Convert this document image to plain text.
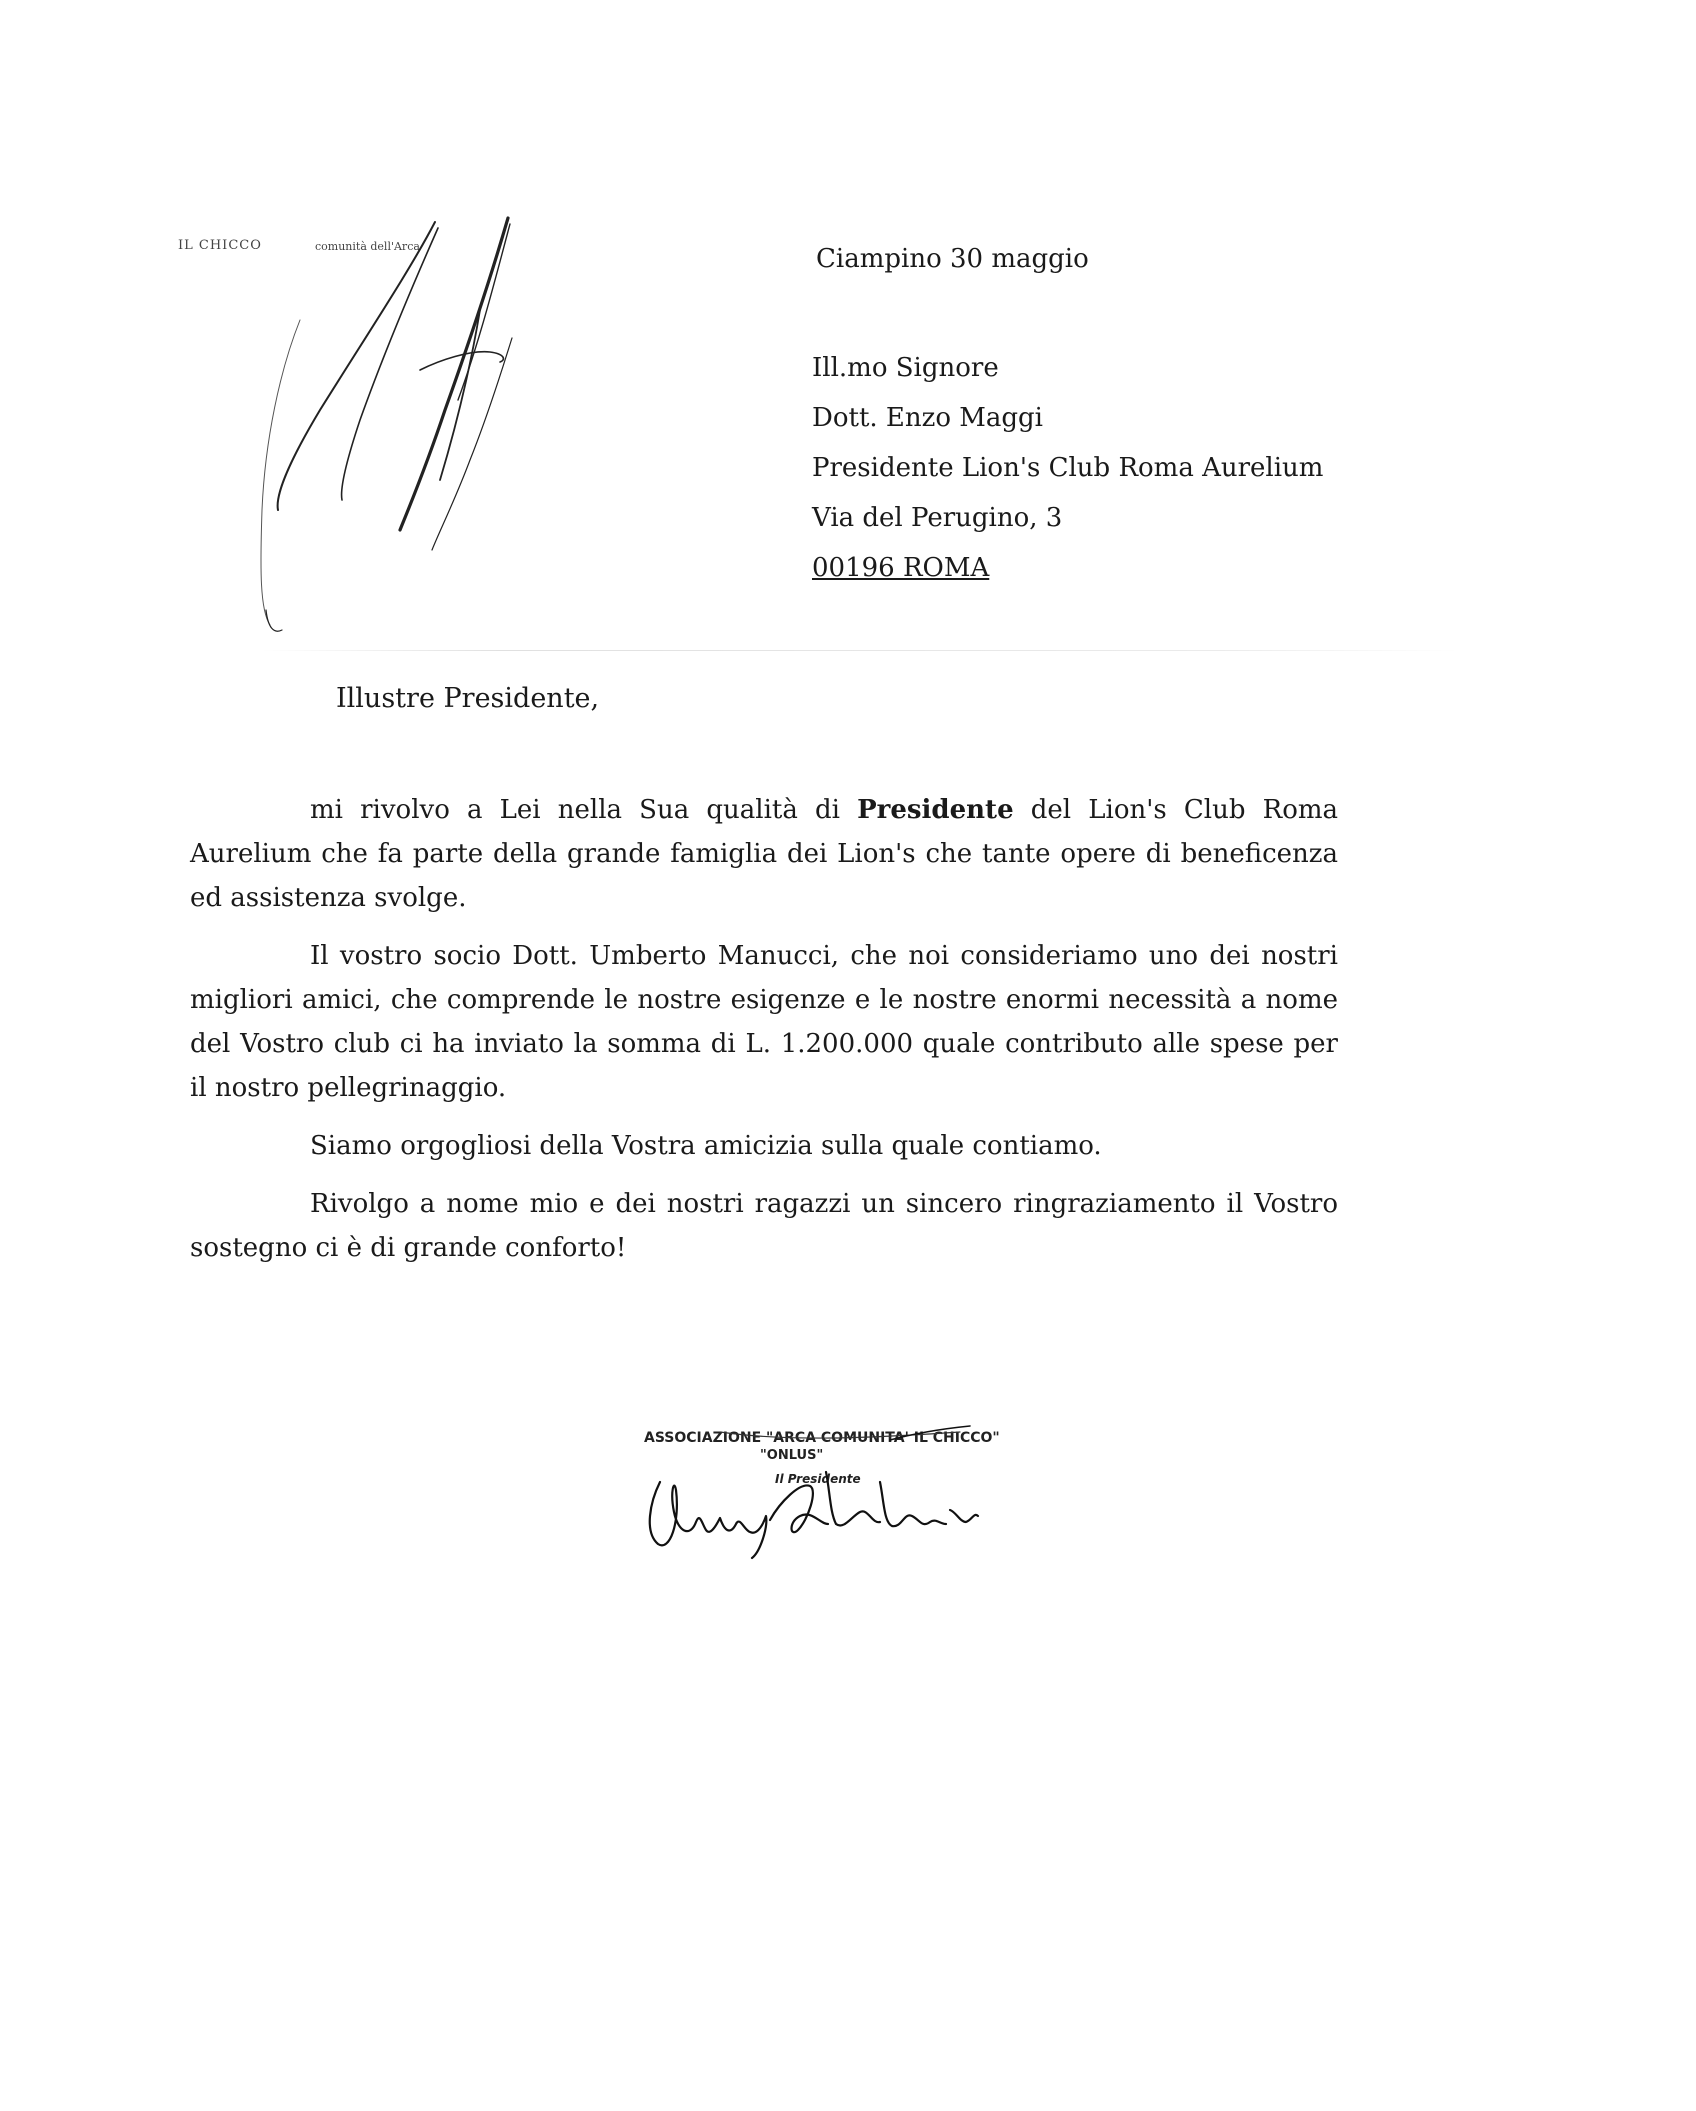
IL CHICCO	comunità dell'Arca	Ciampino 30 maggio
Ill.mo Signore
Dott. Enzo Maggi
Presidente Lion's Club Roma Aurelium
Via del Perugino, 3
00196 ROMA
Illustre Presidente,

mi rivolvo a Lei nella Sua qualità di Presidente del Lion's Club Roma Aurelium che fa parte della grande famiglia dei Lion's che tante opere di beneficenza ed assistenza svolge.

Il vostro socio Dott. Umberto Manucci, che noi consideriamo uno dei nostri migliori amici, che comprende le nostre esigenze e le nostre enormi necessità a nome del Vostro club ci ha inviato la somma di L. 1.200.000 quale contributo alle spese per il nostro pellegrinaggio.

Siamo orgogliosi della Vostra amicizia sulla quale contiamo.

Rivolgo a nome mio e dei nostri ragazzi un sincero ringraziamento il Vostro sostegno ci è di grande conforto!

ASSOCIAZIONE "ARCA COMUNITA' IL CHICCO"
"ONLUS"
Il Presidente
